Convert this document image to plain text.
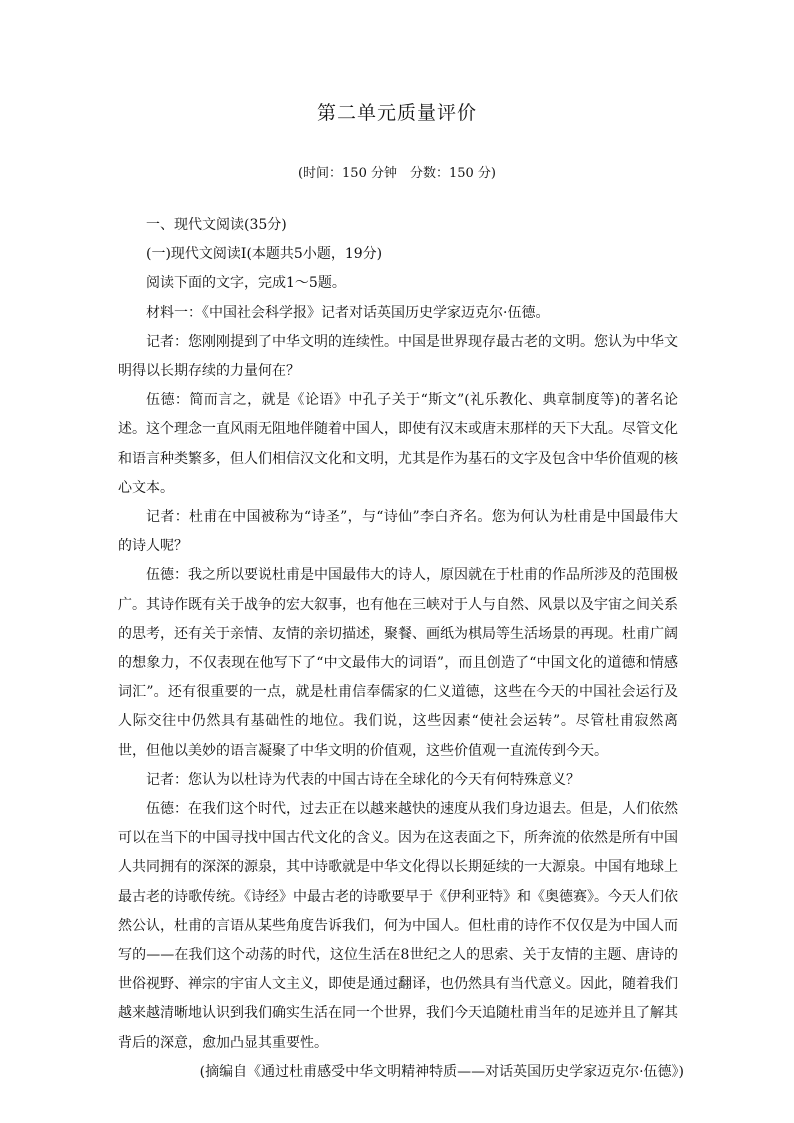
第二单元质量评价
(时间：150 分钟　分数：150 分)

一、现代文阅读(35分)

(一)现代文阅读Ⅰ(本题共5小题，19分)

阅读下面的文字，完成1～5题。

材料一：《中国社会科学报》记者对话英国历史学家迈克尔·伍德。

记者：您刚刚提到了中华文明的连续性。中国是世界现存最古老的文明。您认为中华文明得以长期存续的力量何在？

伍德：简而言之，就是《论语》中孔子关于“斯文”(礼乐教化、典章制度等)的著名论述。这个理念一直风雨无阻地伴随着中国人，即使有汉末或唐末那样的天下大乱。尽管文化和语言种类繁多，但人们相信汉文化和文明，尤其是作为基石的文字及包含中华价值观的核心文本。

记者：杜甫在中国被称为“诗圣”，与“诗仙”李白齐名。您为何认为杜甫是中国最伟大的诗人呢？

伍德：我之所以要说杜甫是中国最伟大的诗人，原因就在于杜甫的作品所涉及的范围极广。其诗作既有关于战争的宏大叙事，也有他在三峡对于人与自然、风景以及宇宙之间关系的思考，还有关于亲情、友情的亲切描述，聚餐、画纸为棋局等生活场景的再现。杜甫广阔的想象力，不仅表现在他写下了“中文最伟大的词语”，而且创造了“中国文化的道德和情感词汇”。还有很重要的一点，就是杜甫信奉儒家的仁义道德，这些在今天的中国社会运行及人际交往中仍然具有基础性的地位。我们说，这些因素“使社会运转”。尽管杜甫寂然离世，但他以美妙的语言凝聚了中华文明的价值观，这些价值观一直流传到今天。

记者：您认为以杜诗为代表的中国古诗在全球化的今天有何特殊意义？

伍德：在我们这个时代，过去正在以越来越快的速度从我们身边退去。但是，人们依然可以在当下的中国寻找中国古代文化的含义。因为在这表面之下，所奔流的依然是所有中国人共同拥有的深深的源泉，其中诗歌就是中华文化得以长期延续的一大源泉。中国有地球上最古老的诗歌传统。《诗经》中最古老的诗歌要早于《伊利亚特》和《奥德赛》。今天人们依然公认，杜甫的言语从某些角度告诉我们，何为中国人。但杜甫的诗作不仅仅是为中国人而写的——在我们这个动荡的时代，这位生活在8世纪之人的思索、关于友情的主题、唐诗的世俗视野、禅宗的宇宙人文主义，即使是通过翻译，也仍然具有当代意义。因此，随着我们越来越清晰地认识到我们确实生活在同一个世界，我们今天追随杜甫当年的足迹并且了解其背后的深意，愈加凸显其重要性。

(摘编自《通过杜甫感受中华文明精神特质——对话英国历史学家迈克尔·伍德》)
